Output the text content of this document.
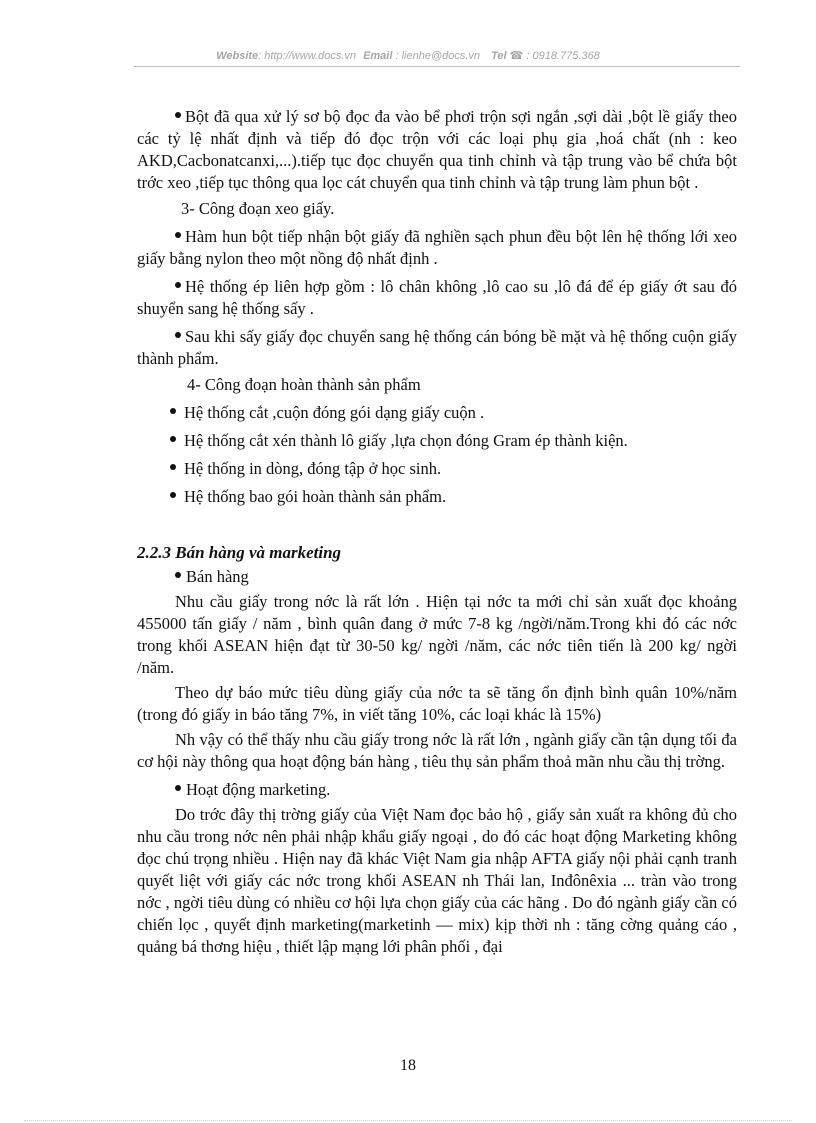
Website: http://www.docs.vn Email : lienhe@docs.vn Tel ☎ : 0918.775.368

Bột đã qua xử lý sơ bộ đọc đa vào bể phơi trộn sợi ngắn ,sợi dài ,bột lề giấy theo các tỷ lệ nhất định và tiếp đó đọc trộn với các loại phụ gia ,hoá chất (nh : keo AKD,Cacbonatcanxi,...).tiếp tục đọc chuyển qua tinh chỉnh và tập trung vào bể chứa bột trớc xeo ,tiếp tục thông qua lọc cát chuyển qua tinh chỉnh và tập trung làm phun bột .

3- Công đoạn xeo giấy.

Hàm hun bột tiếp nhận bột giấy đã nghiền sạch phun đều bột lên hệ thống lới xeo giấy bằng nylon theo một nồng độ nhất định .

Hệ thống ép liên hợp gồm : lô chân không ,lô cao su ,lô đá để ép giấy ớt sau đó shuyển sang hệ thống sấy .

Sau khi sấy giấy đọc chuyển sang hệ thống cán bóng bề mặt và hệ thống cuộn giấy thành phẩm.

4- Công đoạn hoàn thành sản phẩm

Hệ thống cắt ,cuộn đóng gói dạng giấy cuộn .

Hệ thống cắt xén thành lô giấy ,lựa chọn đóng Gram ép thành kiện.

Hệ thống in dòng, đóng tập ở học sinh.

Hệ thống bao gói hoàn thành sản phẩm.

2.2.3 Bán hàng và marketing

Bán hàng

Nhu cầu giấy trong nớc là rất lớn . Hiện tại nớc ta mới chỉ sản xuất đọc khoảng 455000 tấn giấy / năm , bình quân đang ở mức 7-8 kg /ngời/năm.Trong khi đó các nớc trong khối ASEAN hiện đạt từ 30-50 kg/ ngời /năm, các nớc tiên tiến là 200 kg/ ngời /năm.

Theo dự báo mức tiêu dùng giấy của nớc ta sẽ tăng ổn định bình quân 10%/năm (trong đó giấy in báo tăng 7%, in viết tăng 10%, các loại khác là 15%)

Nh vậy có thể thấy nhu cầu giấy trong nớc là rất lớn , ngành giấy cần tận dụng tối đa cơ hội này thông qua hoạt động bán hàng , tiêu thụ sản phẩm thoả mãn nhu cầu thị trờng.

Hoạt động marketing.

Do trớc đây thị trờng giấy của Việt Nam đọc bảo hộ , giấy sản xuất ra không đủ cho nhu cầu trong nớc nên phải nhập khẩu giấy ngoại , do đó các hoạt động Marketing không đọc chú trọng nhiều . Hiện nay đã khác Việt Nam gia nhập AFTA giấy nội phải cạnh tranh quyết liệt với giấy các nớc trong khối ASEAN nh Thái lan, Inđônêxia ... tràn vào trong nớc , ngời tiêu dùng có nhiều cơ hội lựa chọn giấy của các hãng . Do đó ngành giấy cần có chiến lọc , quyết định marketing(marketinh — mix) kịp thời nh : tăng cờng quảng cáo , quảng bá thơng hiệu , thiết lập mạng lới phân phối , đại

18
